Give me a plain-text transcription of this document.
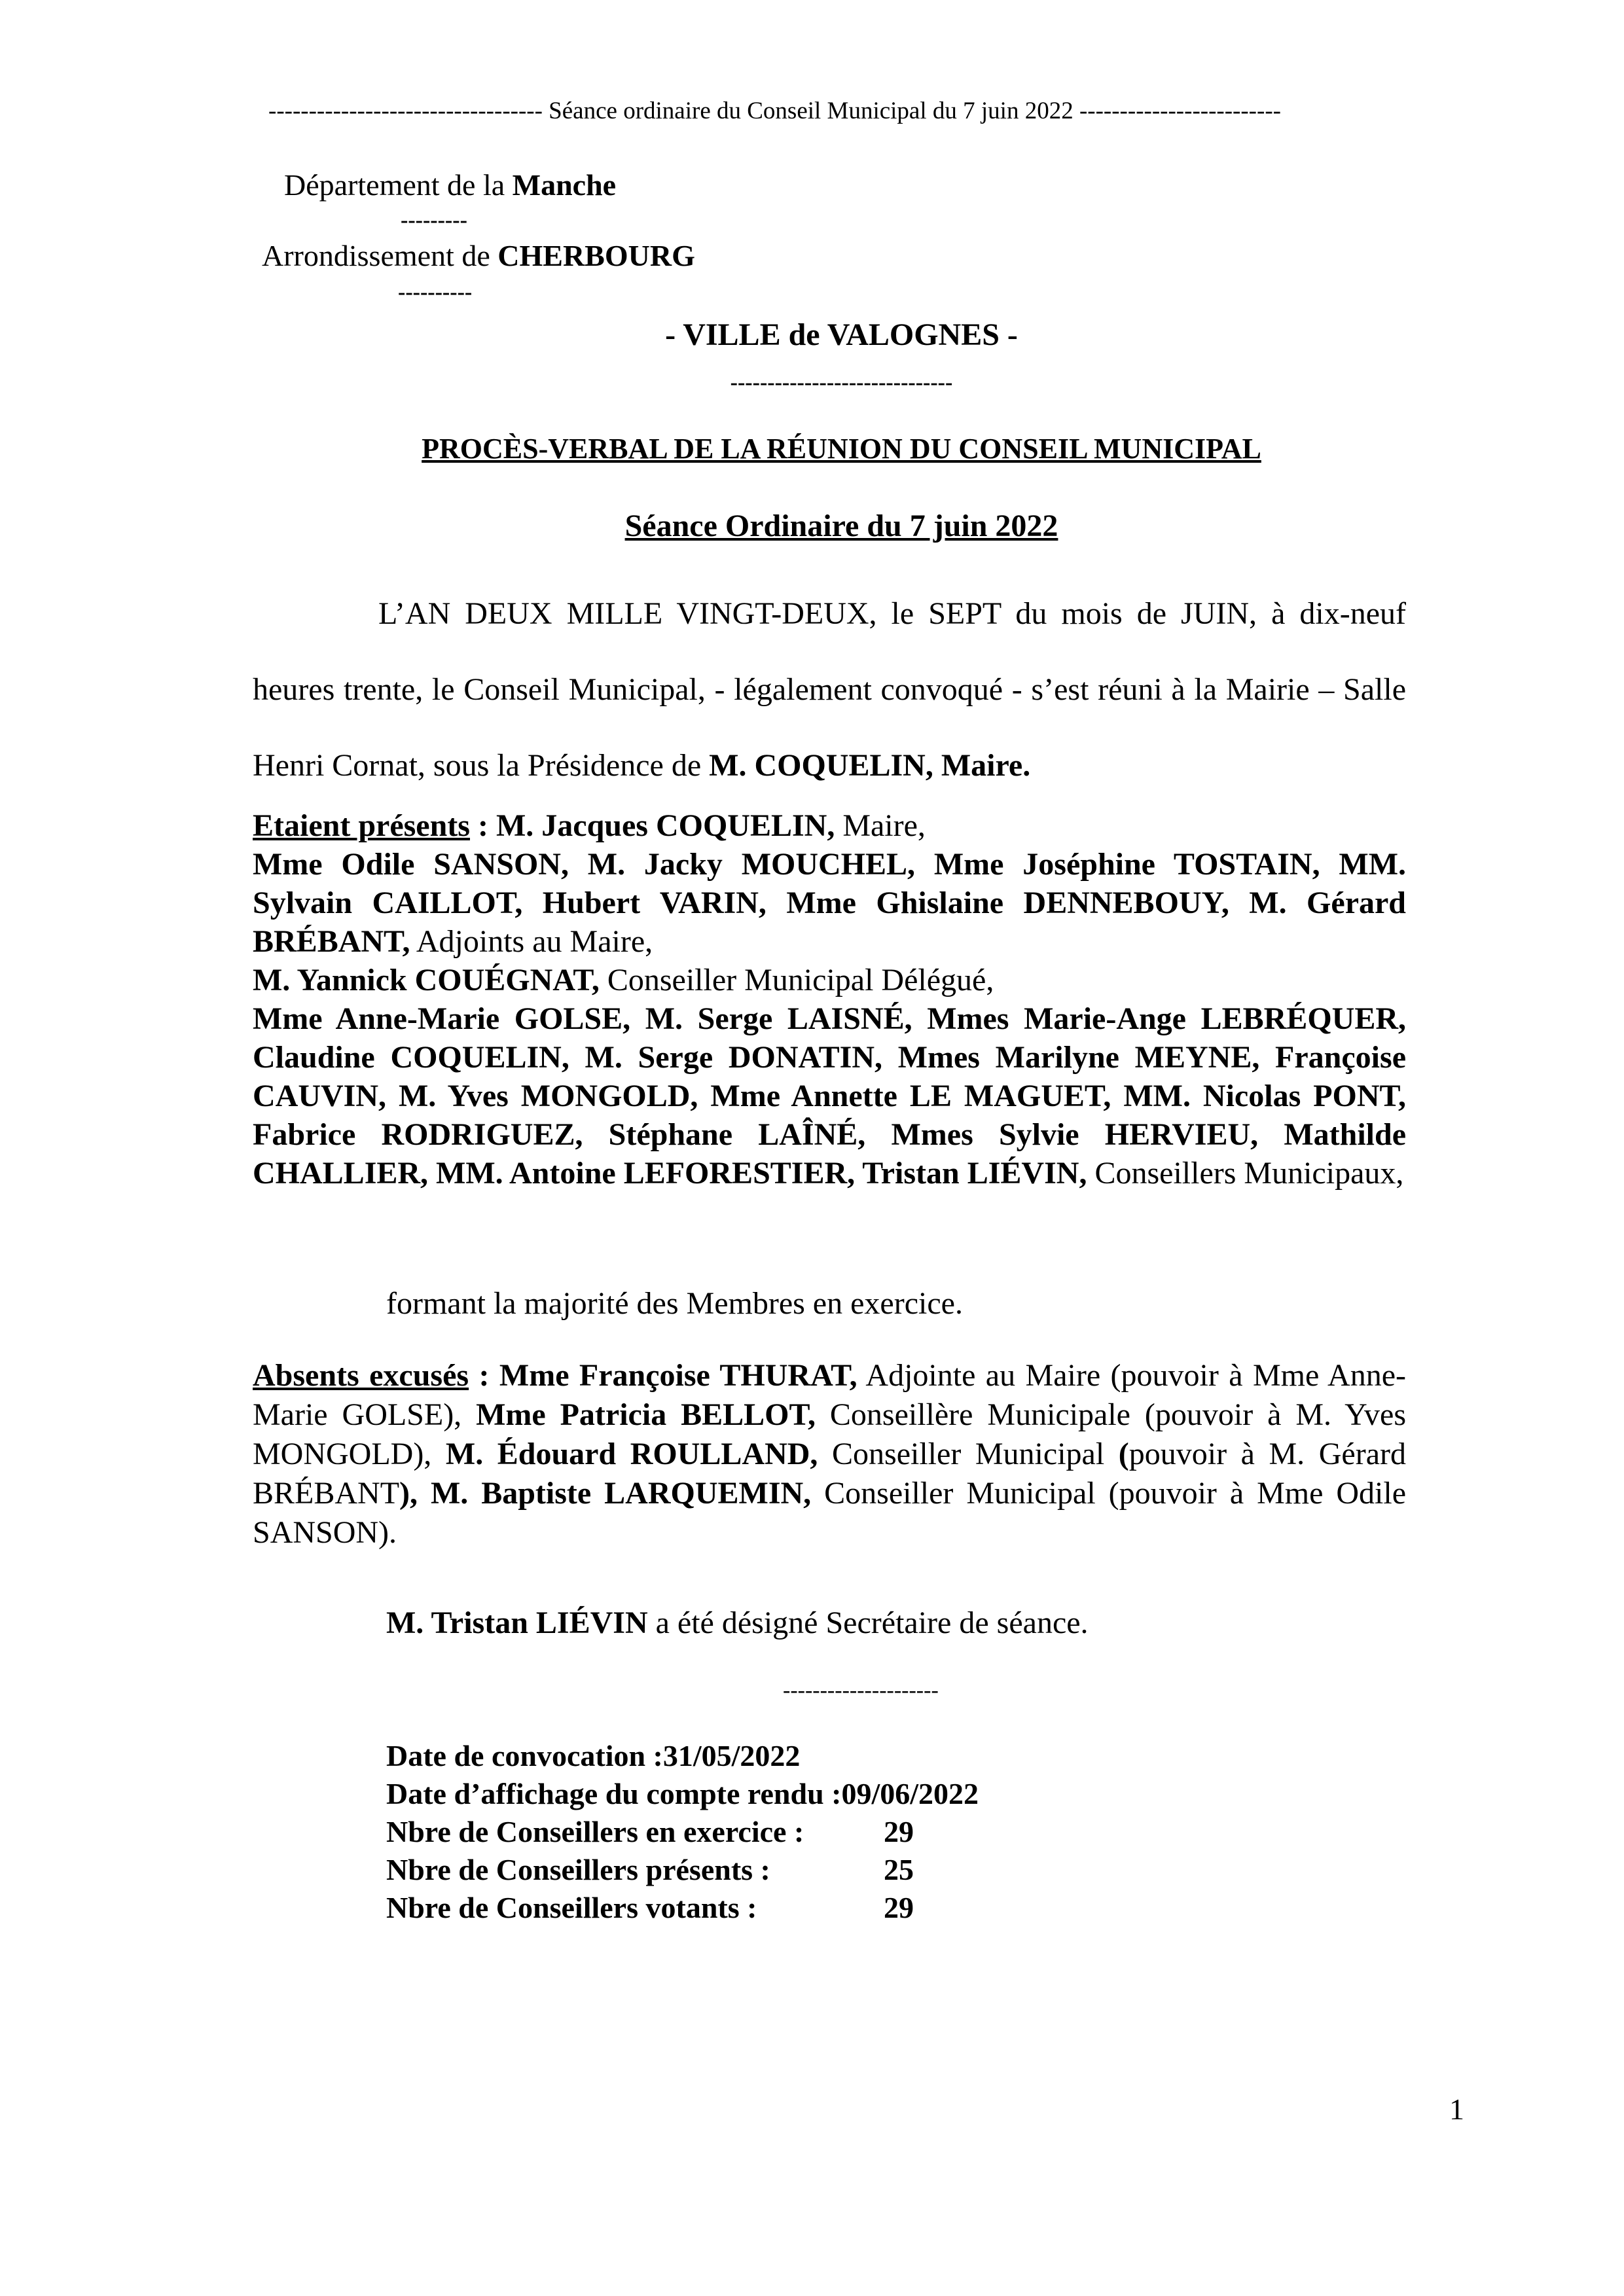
---------------------------------- Séance ordinaire du Conseil Municipal du 7 juin 2022 -------------------------
Département de la Manche
---------
Arrondissement de CHERBOURG
----------
- VILLE de VALOGNES -
------------------------------
PROCÈS-VERBAL DE LA RÉUNION DU CONSEIL MUNICIPAL
Séance Ordinaire du 7 juin 2022
L’AN DEUX MILLE VINGT-DEUX, le SEPT du mois de JUIN, à dix-neuf heures trente, le Conseil Municipal, - légalement convoqué - s’est réuni à la Mairie – Salle Henri Cornat, sous la Présidence de M. COQUELIN, Maire.

Etaient présents : M. Jacques COQUELIN, Maire,

Mme Odile SANSON, M. Jacky MOUCHEL, Mme Joséphine TOSTAIN, MM. Sylvain CAILLOT, Hubert VARIN, Mme Ghislaine DENNEBOUY, M. Gérard BRÉBANT, Adjoints au Maire,

M. Yannick COUÉGNAT, Conseiller Municipal Délégué,

Mme Anne-Marie GOLSE, M. Serge LAISNÉ, Mmes Marie-Ange LEBRÉQUER, Claudine COQUELIN, M. Serge DONATIN, Mmes Marilyne MEYNE, Françoise CAUVIN, M. Yves MONGOLD, Mme Annette LE MAGUET, MM. Nicolas PONT, Fabrice RODRIGUEZ, Stéphane LAÎNÉ, Mmes Sylvie HERVIEU, Mathilde CHALLIER, MM. Antoine LEFORESTIER, Tristan LIÉVIN, Conseillers Municipaux,

formant la majorité des Membres en exercice.
Absents excusés : Mme Françoise THURAT, Adjointe au Maire (pouvoir à Mme Anne-Marie GOLSE), Mme Patricia BELLOT, Conseillère Municipale (pouvoir à M. Yves MONGOLD), M. Édouard ROULLAND, Conseiller Municipal (pouvoir à M. Gérard BRÉBANT), M. Baptiste LARQUEMIN, Conseiller Municipal (pouvoir à Mme Odile SANSON).
M. Tristan LIÉVIN a été désigné Secrétaire de séance.
---------------------
Date de convocation : 31/05/2022
Date d’affichage du compte rendu : 09/06/2022
Nbre de Conseillers en exercice :	29
Nbre de Conseillers présents :	25
Nbre de Conseillers votants :	29
1
